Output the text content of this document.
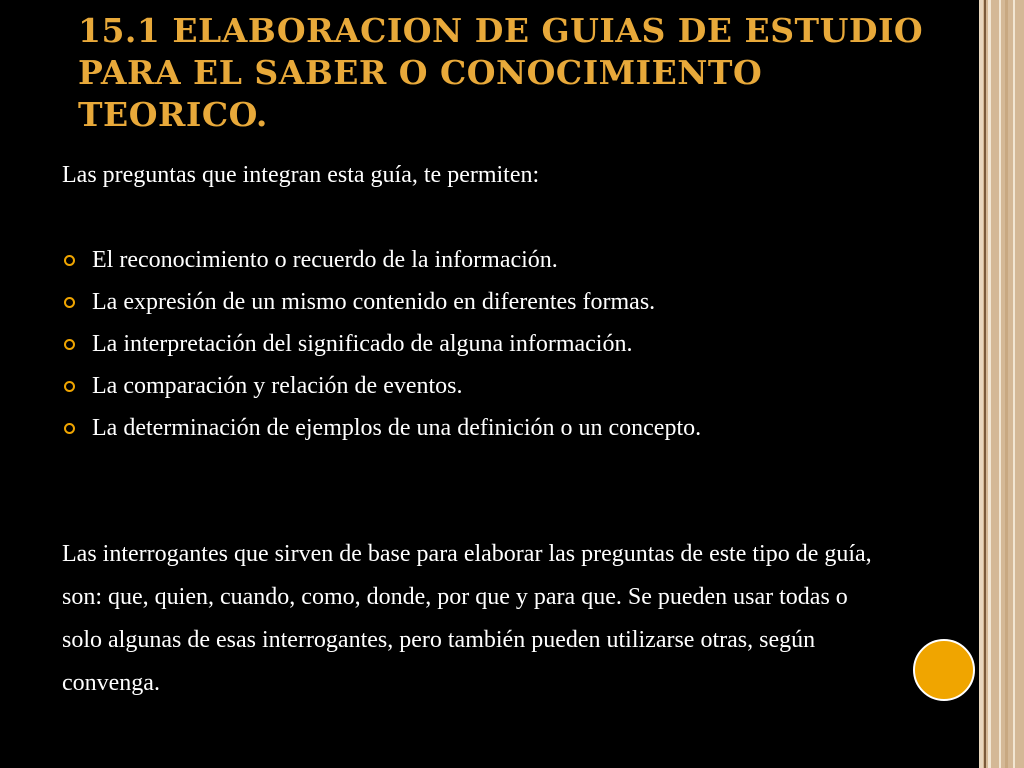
15.1 ELABORACION DE GUIAS DE ESTUDIO PARA EL SABER O CONOCIMIENTO TEORICO.

Las preguntas que integran esta guía, te permiten:

El reconocimiento o recuerdo de la información.
La expresión de un mismo contenido en diferentes formas.
La interpretación del significado de alguna información.
La comparación y relación de eventos.
La determinación de ejemplos de una definición o un concepto.

Las interrogantes que sirven de base para elaborar las preguntas de este tipo de guía, son: que, quien, cuando, como, donde, por que y para que. Se pueden usar todas o solo algunas de esas interrogantes, pero también pueden utilizarse otras, según convenga.
